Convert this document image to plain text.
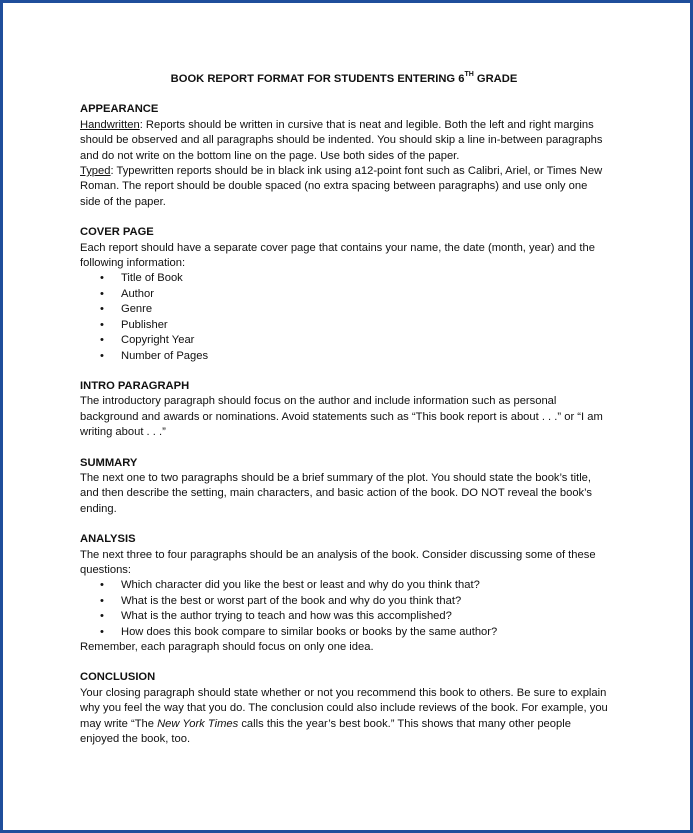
BOOK REPORT FORMAT FOR STUDENTS ENTERING 6TH GRADE

APPEARANCE

Handwritten: Reports should be written in cursive that is neat and legible. Both the left and right margins should be observed and all paragraphs should be indented. You should skip a line in-between paragraphs and do not write on the bottom line on the page. Use both sides of the paper.

Typed: Typewritten reports should be in black ink using a12-point font such as Calibri, Ariel, or Times New Roman. The report should be double spaced (no extra spacing between paragraphs) and use only one side of the paper.

COVER PAGE

Each report should have a separate cover page that contains your name, the date (month, year) and the following information:

• Title of Book
• Author
• Genre
• Publisher
• Copyright Year
• Number of Pages

INTRO PARAGRAPH

The introductory paragraph should focus on the author and include information such as personal background and awards or nominations. Avoid statements such as “This book report is about . . .” or “I am writing about . . .”

SUMMARY

The next one to two paragraphs should be a brief summary of the plot. You should state the book’s title, and then describe the setting, main characters, and basic action of the book. DO NOT reveal the book’s ending.

ANALYSIS

The next three to four paragraphs should be an analysis of the book. Consider discussing some of these questions:

• Which character did you like the best or least and why do you think that?
• What is the best or worst part of the book and why do you think that?
• What is the author trying to teach and how was this accomplished?
• How does this book compare to similar books or books by the same author?

Remember, each paragraph should focus on only one idea.

CONCLUSION

Your closing paragraph should state whether or not you recommend this book to others. Be sure to explain why you feel the way that you do. The conclusion could also include reviews of the book. For example, you may write “The New York Times calls this the year’s best book.” This shows that many other people enjoyed the book, too.
